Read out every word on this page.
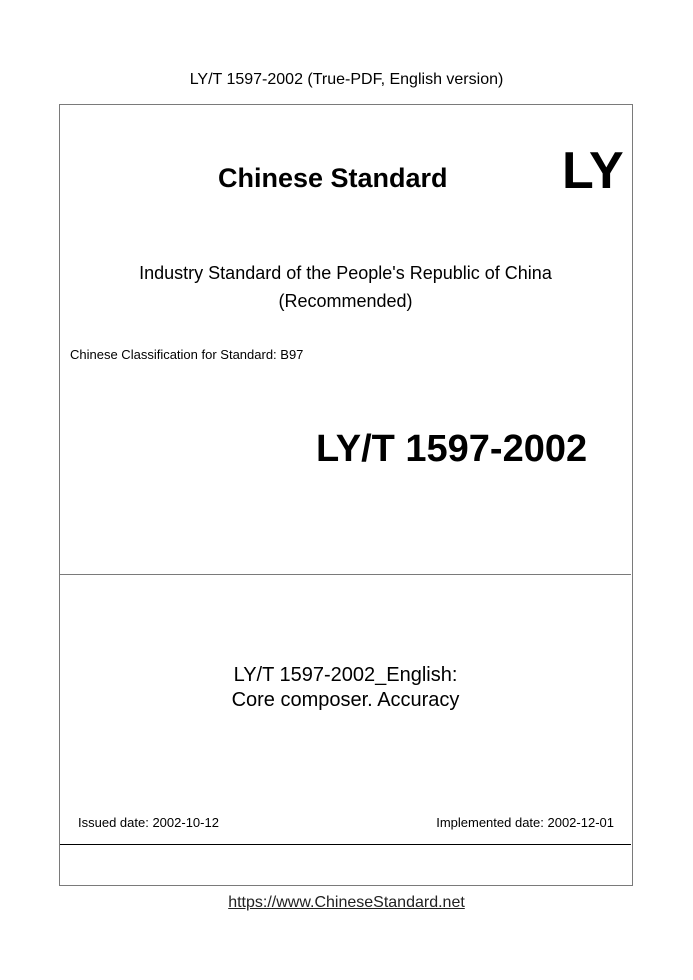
LY/T 1597-2002 (True-PDF, English version)
Chinese Standard LY
Industry Standard of the People's Republic of China
(Recommended)
Chinese Classification for Standard: B97
LY/T 1597-2002
LY/T 1597-2002_English:
Core composer. Accuracy
Issued date: 2002-10-12	Implemented date: 2002-12-01
https://www.ChineseStandard.net
